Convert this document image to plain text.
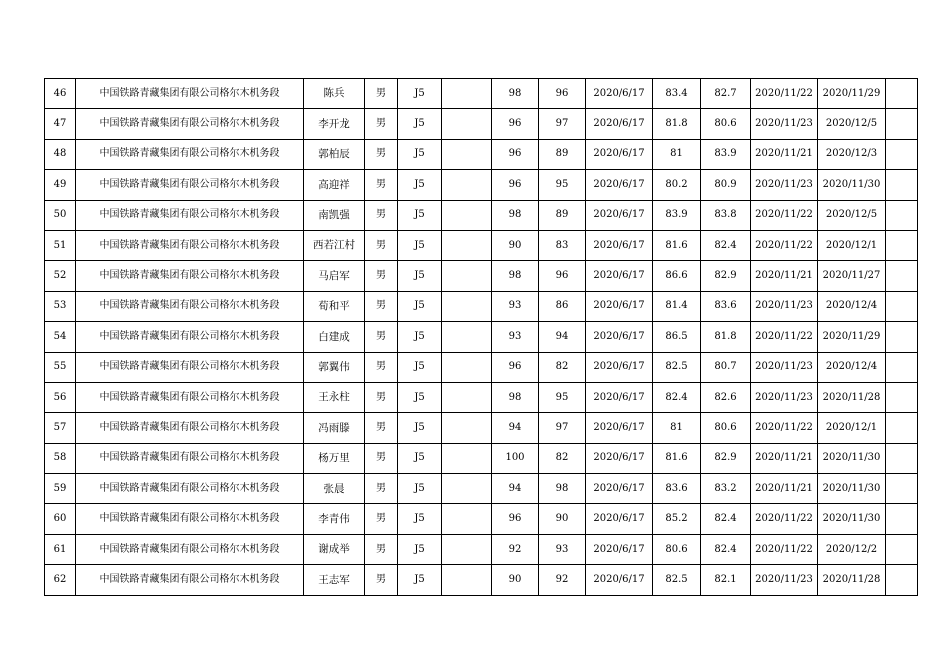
46	中国铁路青藏集团有限公司格尔木机务段	陈兵	男	J5		98	96	2020/6/17	83.4	82.7	2020/11/22	2020/11/29	
47	中国铁路青藏集团有限公司格尔木机务段	李开龙	男	J5		96	97	2020/6/17	81.8	80.6	2020/11/23	2020/12/5	
48	中国铁路青藏集团有限公司格尔木机务段	郭柏辰	男	J5		96	89	2020/6/17	81	83.9	2020/11/21	2020/12/3	
49	中国铁路青藏集团有限公司格尔木机务段	高迎祥	男	J5		96	95	2020/6/17	80.2	80.9	2020/11/23	2020/11/30	
50	中国铁路青藏集团有限公司格尔木机务段	南凯强	男	J5		98	89	2020/6/17	83.9	83.8	2020/11/22	2020/12/5	
51	中国铁路青藏集团有限公司格尔木机务段	西若江村	男	J5		90	83	2020/6/17	81.6	82.4	2020/11/22	2020/12/1	
52	中国铁路青藏集团有限公司格尔木机务段	马启军	男	J5		98	96	2020/6/17	86.6	82.9	2020/11/21	2020/11/27	
53	中国铁路青藏集团有限公司格尔木机务段	荀和平	男	J5		93	86	2020/6/17	81.4	83.6	2020/11/23	2020/12/4	
54	中国铁路青藏集团有限公司格尔木机务段	白建成	男	J5		93	94	2020/6/17	86.5	81.8	2020/11/22	2020/11/29	
55	中国铁路青藏集团有限公司格尔木机务段	郭翼伟	男	J5		96	82	2020/6/17	82.5	80.7	2020/11/23	2020/12/4	
56	中国铁路青藏集团有限公司格尔木机务段	王永柱	男	J5		98	95	2020/6/17	82.4	82.6	2020/11/23	2020/11/28	
57	中国铁路青藏集团有限公司格尔木机务段	冯雨滕	男	J5		94	97	2020/6/17	81	80.6	2020/11/22	2020/12/1	
58	中国铁路青藏集团有限公司格尔木机务段	杨万里	男	J5		100	82	2020/6/17	81.6	82.9	2020/11/21	2020/11/30	
59	中国铁路青藏集团有限公司格尔木机务段	张晨	男	J5		94	98	2020/6/17	83.6	83.2	2020/11/21	2020/11/30	
60	中国铁路青藏集团有限公司格尔木机务段	李青伟	男	J5		96	90	2020/6/17	85.2	82.4	2020/11/22	2020/11/30	
61	中国铁路青藏集团有限公司格尔木机务段	谢成举	男	J5		92	93	2020/6/17	80.6	82.4	2020/11/22	2020/12/2	
62	中国铁路青藏集团有限公司格尔木机务段	王志军	男	J5		90	92	2020/6/17	82.5	82.1	2020/11/23	2020/11/28	
